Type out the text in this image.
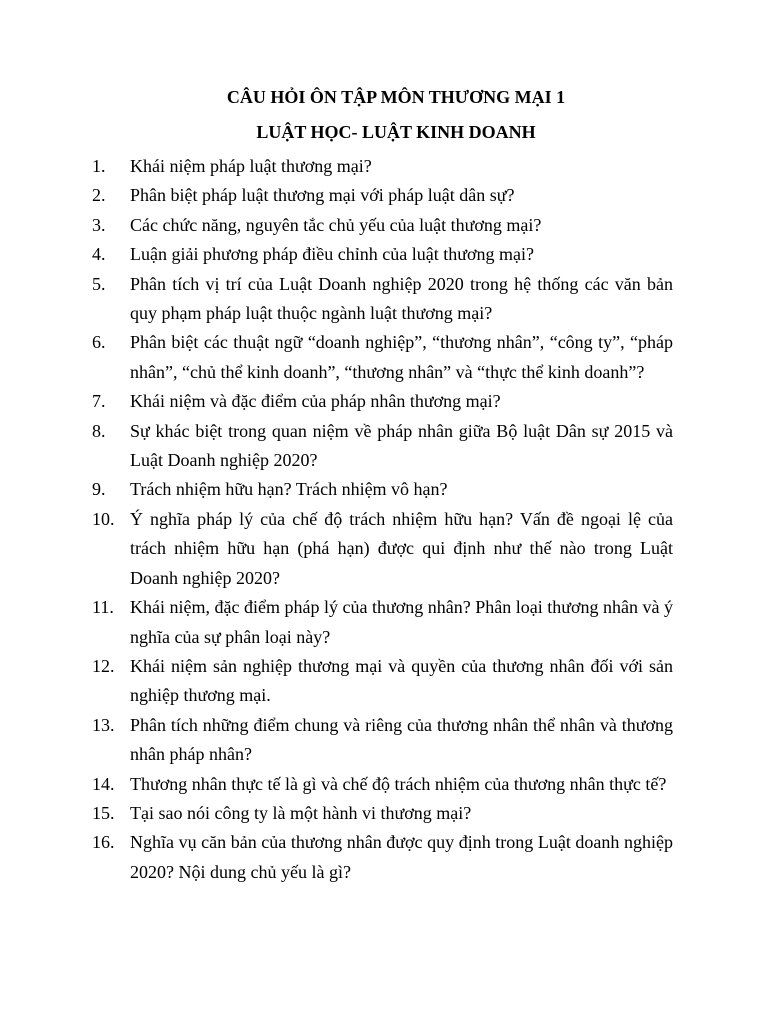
CÂU HỎI ÔN TẬP MÔN THƯƠNG MẠI 1
LUẬT HỌC- LUẬT KINH DOANH
1.	Khái niệm pháp luật thương mại?
2.	Phân biệt pháp luật thương mại với pháp luật dân sự?
3.	Các chức năng, nguyên tắc chủ yếu của luật thương mại?
4.	Luận giải phương pháp điều chỉnh của luật thương mại?
5.	Phân tích vị trí của Luật Doanh nghiệp 2020 trong hệ thống các văn bản quy phạm pháp luật thuộc ngành luật thương mại?
6.	Phân biệt các thuật ngữ “doanh nghiệp”, “thương nhân”, “công ty”, “pháp nhân”, “chủ thể kinh doanh”, “thương nhân” và “thực thể kinh doanh”?
7.	Khái niệm và đặc điểm của pháp nhân thương mại?
8.	Sự khác biệt trong quan niệm về pháp nhân giữa Bộ luật Dân sự 2015 và Luật Doanh nghiệp 2020?
9.	Trách nhiệm hữu hạn? Trách nhiệm vô hạn?
10. Ý nghĩa pháp lý của chế độ trách nhiệm hữu hạn? Vấn đề ngoại lệ của trách nhiệm hữu hạn (phá hạn) được qui định như thế nào trong Luật Doanh nghiệp 2020?
11. Khái niệm, đặc điểm pháp lý của thương nhân? Phân loại thương nhân và ý nghĩa của sự phân loại này?
12. Khái niệm sản nghiệp thương mại và quyền của thương nhân đối với sản nghiệp thương mại.
13. Phân tích những điểm chung và riêng của thương nhân thể nhân và thương nhân pháp nhân?
14. Thương nhân thực tế là gì và chế độ trách nhiệm của thương nhân thực tế?
15. Tại sao nói công ty là một hành vi thương mại?
16. Nghĩa vụ căn bản của thương nhân được quy định trong Luật doanh nghiệp 2020? Nội dung chủ yếu là gì?
